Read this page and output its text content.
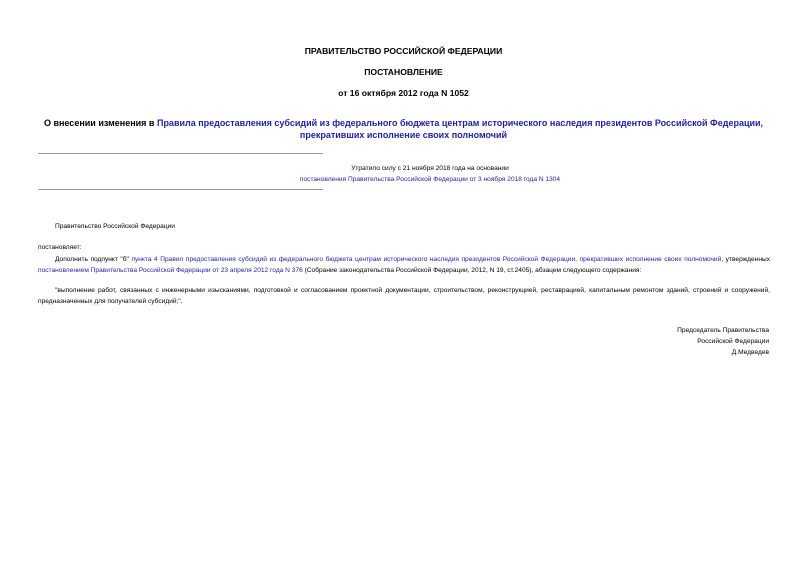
ПРАВИТЕЛЬСТВО РОССИЙСКОЙ ФЕДЕРАЦИИ
ПОСТАНОВЛЕНИЕ
от 16 октября 2012 года N 1052
О внесении изменения в Правила предоставления субсидий из федерального бюджета центрам исторического наследия президентов Российской Федерации, прекративших исполнение своих полномочий
Утратило силу с 21 ноября 2018 года на основании
постановления Правительства Российской Федерации от 3 ноября 2018 года N 1304
Правительство Российской Федерации
постановляет:
Дополнить подпункт "б" пункта 4 Правил предоставления субсидий из федерального бюджета центрам исторического наследия президентов Российской Федерации, прекративших исполнение своих полномочий, утвержденных постановлением Правительства Российской Федерации от 23 апреля 2012 года N 376 (Собрание законодательства Российской Федерации, 2012, N 19, ст.2405), абзацем следующего содержания:
"выполнение работ, связанных с инженерными изысканиями, подготовкой и согласованием проектной документации, строительством, реконструкцией, реставрацией, капитальным ремонтом зданий, строений и сооружений, предназначенных для получателей субсидий;".
Председатель Правительства
Российской Федерации
Д.Медведев
